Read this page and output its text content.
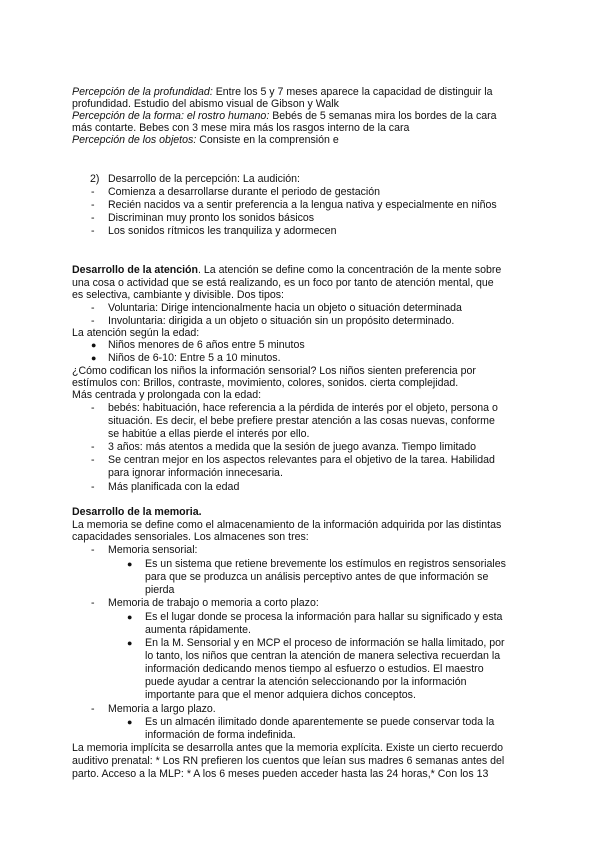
Percepción de la profundidad: Entre los 5 y 7 meses aparece la capacidad de distinguir la
profundidad. Estudio del abismo visual de Gibson y Walk
Percepción de la forma: el rostro humano: Bebés de 5 semanas mira los bordes de la cara
más contarte. Bebes con 3 mese mira más los rasgos interno de la cara
Percepción de los objetos: Consiste en la comprensión e
2) Desarrollo de la percepción: La audición:
- Comienza a desarrollarse durante el periodo de gestación
- Recién nacidos va a sentir preferencia a la lengua nativa y especialmente en niños
- Discriminan muy pronto los sonidos básicos
- Los sonidos rítmicos les tranquiliza y adormecen
Desarrollo de la atención. La atención se define como la concentración de la mente sobre
una cosa o actividad que se está realizando, es un foco por tanto de atención mental, que
es selectiva, cambiante y divisible. Dos tipos:
- Voluntaria: Dirige intencionalmente hacia un objeto o situación determinada
- Involuntaria: dirigida a un objeto o situación sin un propósito determinado.
La atención según la edad:
● Niños menores de 6 años entre 5 minutos
● Niños de 6-10: Entre 5 a 10 minutos.
¿Cómo codifican los niños la información sensorial? Los niños sienten preferencia por
estímulos con: Brillos, contraste, movimiento, colores, sonidos. cierta complejidad.
Más centrada y prolongada con la edad:
- bebés: habituación, hace referencia a la pérdida de interés por el objeto, persona o
situación. Es decir, el bebe prefiere prestar atención a las cosas nuevas, conforme
se habitúe a ellas pierde el interés por ello.
- 3 años: más atentos a medida que la sesión de juego avanza. Tiempo limitado
- Se centran mejor en los aspectos relevantes para el objetivo de la tarea. Habilidad
para ignorar información innecesaria.
- Más planificada con la edad
Desarrollo de la memoria.
La memoria se define como el almacenamiento de la información adquirida por las distintas
capacidades sensoriales. Los almacenes son tres:
- Memoria sensorial:
● Es un sistema que retiene brevemente los estímulos en registros sensoriales
para que se produzca un análisis perceptivo antes de que información se
pierda
- Memoria de trabajo o memoria a corto plazo:
● Es el lugar donde se procesa la información para hallar su significado y esta
aumenta rápidamente.
● En la M. Sensorial y en MCP el proceso de información se halla limitado, por
lo tanto, los niños que centran la atención de manera selectiva recuerdan la
información dedicando menos tiempo al esfuerzo o estudios. El maestro
puede ayudar a centrar la atención seleccionando por la información
importante para que el menor adquiera dichos conceptos.
- Memoria a largo plazo.
● Es un almacén ilimitado donde aparentemente se puede conservar toda la
información de forma indefinida.
La memoria implícita se desarrolla antes que la memoria explícita. Existe un cierto recuerdo
auditivo prenatal: * Los RN prefieren los cuentos que leían sus madres 6 semanas antes del
parto. Acceso a la MLP: * A los 6 meses pueden acceder hasta las 24 horas,* Con los 13
